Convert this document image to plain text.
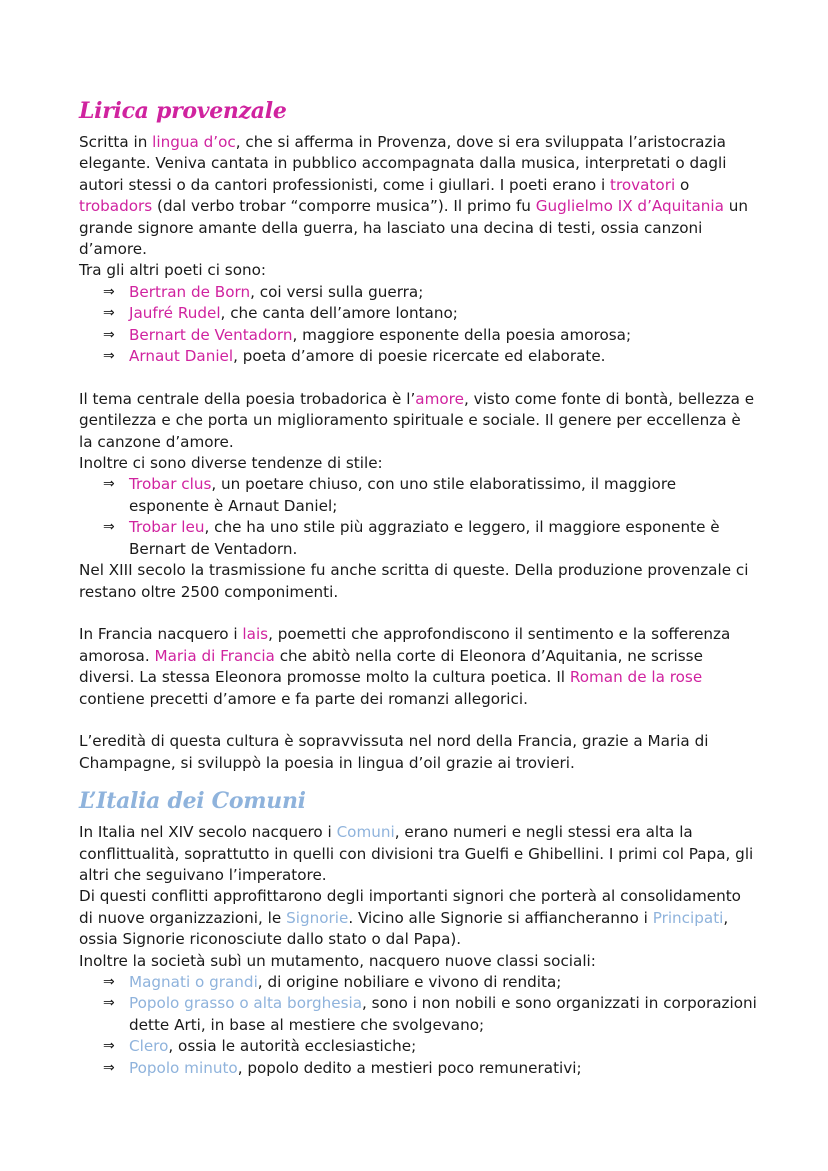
Lirica provenzale

Scritta in lingua d’oc, che si afferma in Provenza, dove si era sviluppata l’aristocrazia elegante. Veniva cantata in pubblico accompagnata dalla musica, interpretati o dagli autori stessi o da cantori professionisti, come i giullari. I poeti erano i trovatori o trobadors (dal verbo trobar “comporre musica”). Il primo fu Guglielmo IX d’Aquitania un grande signore amante della guerra, ha lasciato una decina di testi, ossia canzoni d’amore.

Tra gli altri poeti ci sono:

⇒ Bertran de Born, coi versi sulla guerra;
⇒ Jaufré Rudel, che canta dell’amore lontano;
⇒ Bernart de Ventadorn, maggiore esponente della poesia amorosa;
⇒ Arnaut Daniel, poeta d’amore di poesie ricercate ed elaborate.

Il tema centrale della poesia trobadorica è l’amore, visto come fonte di bontà, bellezza e gentilezza e che porta un miglioramento spirituale e sociale. Il genere per eccellenza è la canzone d’amore.

Inoltre ci sono diverse tendenze di stile:

⇒ Trobar clus, un poetare chiuso, con uno stile elaboratissimo, il maggiore esponente è Arnaut Daniel;
⇒ Trobar leu, che ha uno stile più aggraziato e leggero, il maggiore esponente è Bernart de Ventadorn.

Nel XIII secolo la trasmissione fu anche scritta di queste. Della produzione provenzale ci restano oltre 2500 componimenti.

In Francia nacquero i lais, poemetti che approfondiscono il sentimento e la sofferenza amorosa. Maria di Francia che abitò nella corte di Eleonora d’Aquitania, ne scrisse diversi. La stessa Eleonora promosse molto la cultura poetica. Il Roman de la rose contiene precetti d’amore e fa parte dei romanzi allegorici.

L’eredità di questa cultura è sopravvissuta nel nord della Francia, grazie a Maria di Champagne, si sviluppò la poesia in lingua d’oil grazie ai trovieri.

L’Italia dei Comuni

In Italia nel XIV secolo nacquero i Comuni, erano numeri e negli stessi era alta la conflittualità, soprattutto in quelli con divisioni tra Guelfi e Ghibellini. I primi col Papa, gli altri che seguivano l’imperatore.

Di questi conflitti approfittarono degli importanti signori che porterà al consolidamento di nuove organizzazioni, le Signorie. Vicino alle Signorie si affiancheranno i Principati, ossia Signorie riconosciute dallo stato o dal Papa).

Inoltre la società subì un mutamento, nacquero nuove classi sociali:

⇒ Magnati o grandi, di origine nobiliare e vivono di rendita;
⇒ Popolo grasso o alta borghesia, sono i non nobili e sono organizzati in corporazioni dette Arti, in base al mestiere che svolgevano;
⇒ Clero, ossia le autorità ecclesiastiche;
⇒ Popolo minuto, popolo dedito a mestieri poco remunerativi;
